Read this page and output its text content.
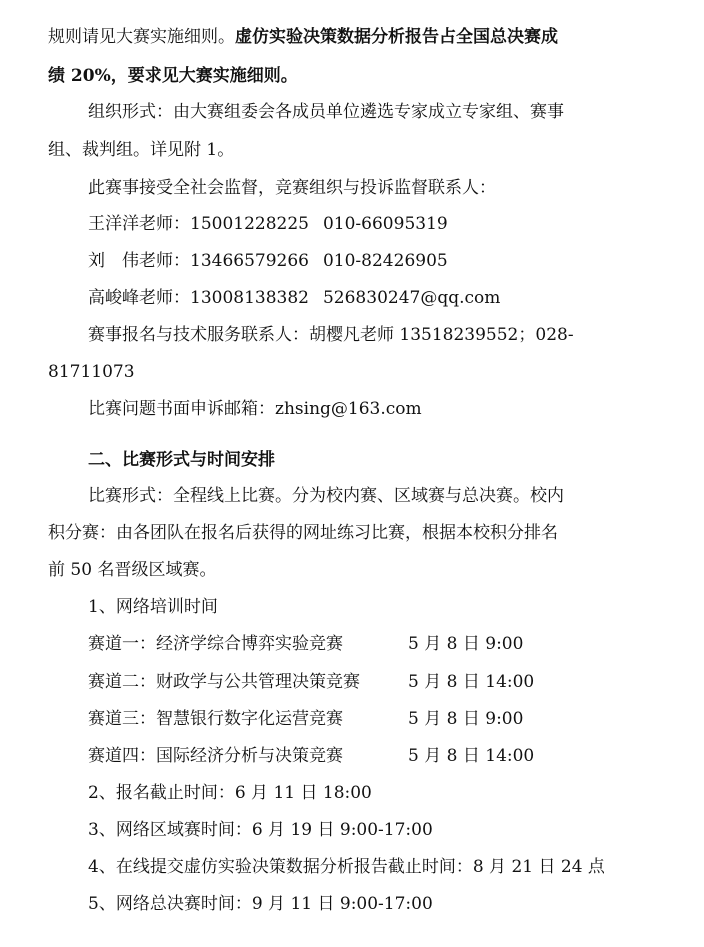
规则请见大赛实施细则。虚仿实验决策数据分析报告占全国总决赛成
绩 20%，要求见大赛实施细则。
组织形式：由大赛组委会各成员单位遴选专家成立专家组、赛事
组、裁判组。详见附 1。
此赛事接受全社会监督，竞赛组织与投诉监督联系人：
王洋洋老师：15001228225 010-66095319
刘　伟老师：13466579266 010-82426905
高峻峰老师：13008138382 526830247@qq.com
赛事报名与技术服务联系人：胡樱凡老师 13518239552；028-
81711073
比赛问题书面申诉邮箱：zhsing@163.com
二、比赛形式与时间安排
比赛形式：全程线上比赛。分为校内赛、区域赛与总决赛。校内
积分赛：由各团队在报名后获得的网址练习比赛，根据本校积分排名
前 50 名晋级区域赛。
1、网络培训时间
赛道一：经济学综合博弈实验竞赛	5 月 8 日 9:00
赛道二：财政学与公共管理决策竞赛	5 月 8 日 14:00
赛道三：智慧银行数字化运营竞赛	5 月 8 日 9:00
赛道四：国际经济分析与决策竞赛	5 月 8 日 14:00
2、报名截止时间：6 月 11 日 18:00
3、网络区域赛时间：6 月 19 日 9:00-17:00
4、在线提交虚仿实验决策数据分析报告截止时间：8 月 21 日 24 点
5、网络总决赛时间：9 月 11 日 9:00-17:00
